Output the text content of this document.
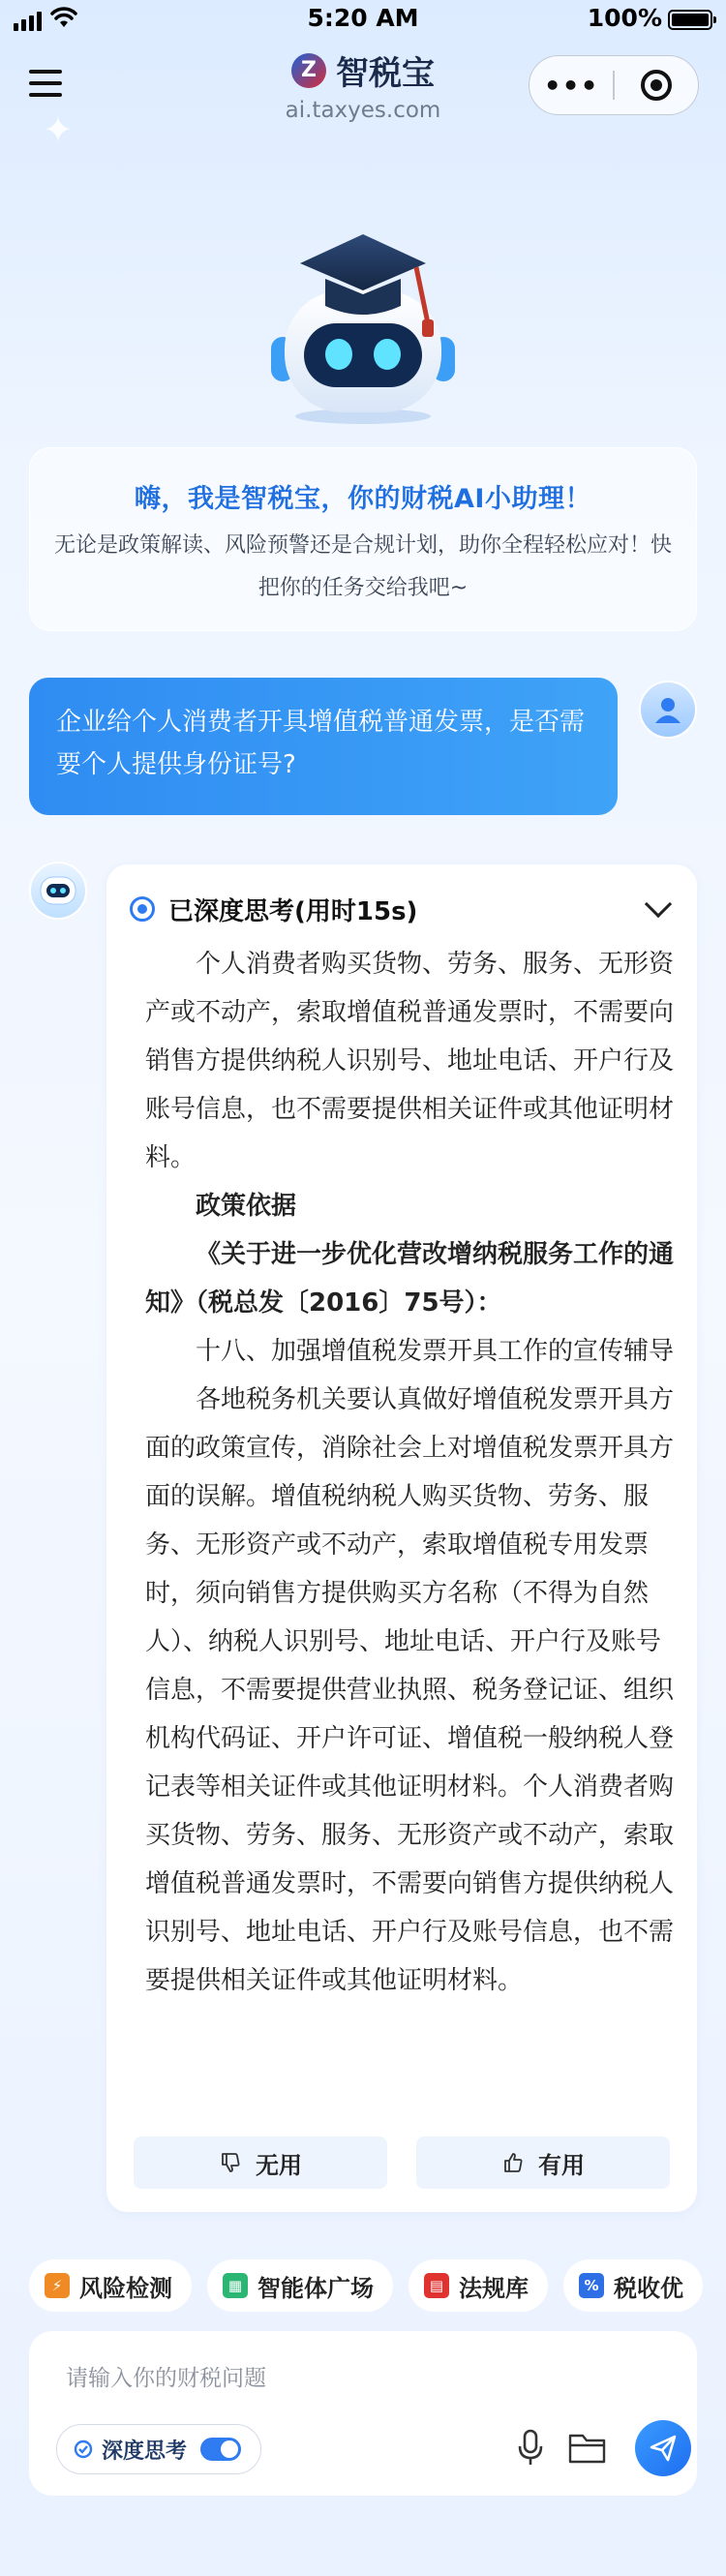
5:20 AM	100%
✦
Z 智税宝
ai.taxyes.com
•••
嗨，我是智税宝，你的财税AI小助理！
无论是政策解读、风险预警还是合规计划，助你全程轻松应对！快把你的任务交给我吧~
企业给个人消费者开具增值税普通发票，是否需要个人提供身份证号?
已深度思考(用时15s)

个人消费者购买货物、劳务、服务、无形资产或不动产，索取增值税普通发票时，不需要向销售方提供纳税人识别号、地址电话、开户行及账号信息，也不需要提供相关证件或其他证明材料。

政策依据

《关于进一步优化营改增纳税服务工作的通知》（税总发〔2016〕75号）：

十八、加强增值税发票开具工作的宣传辅导

各地税务机关要认真做好增值税发票开具方面的政策宣传，消除社会上对增值税发票开具方面的误解。增值税纳税人购买货物、劳务、服务、无形资产或不动产，索取增值税专用发票时，须向销售方提供购买方名称（不得为自然人）、纳税人识别号、地址电话、开户行及账号信息，不需要提供营业执照、税务登记证、组织机构代码证、开户许可证、增值税一般纳税人登记表等相关证件或其他证明材料。个人消费者购买货物、劳务、服务、无形资产或不动产，索取增值税普通发票时，不需要向销售方提供纳税人识别号、地址电话、开户行及账号信息，也不需要提供相关证件或其他证明材料。

无用	有用
⚡ 风险检测	▦ 智能体广场	▤ 法规库	% 税收优
请输入你的财税问题
深度思考
